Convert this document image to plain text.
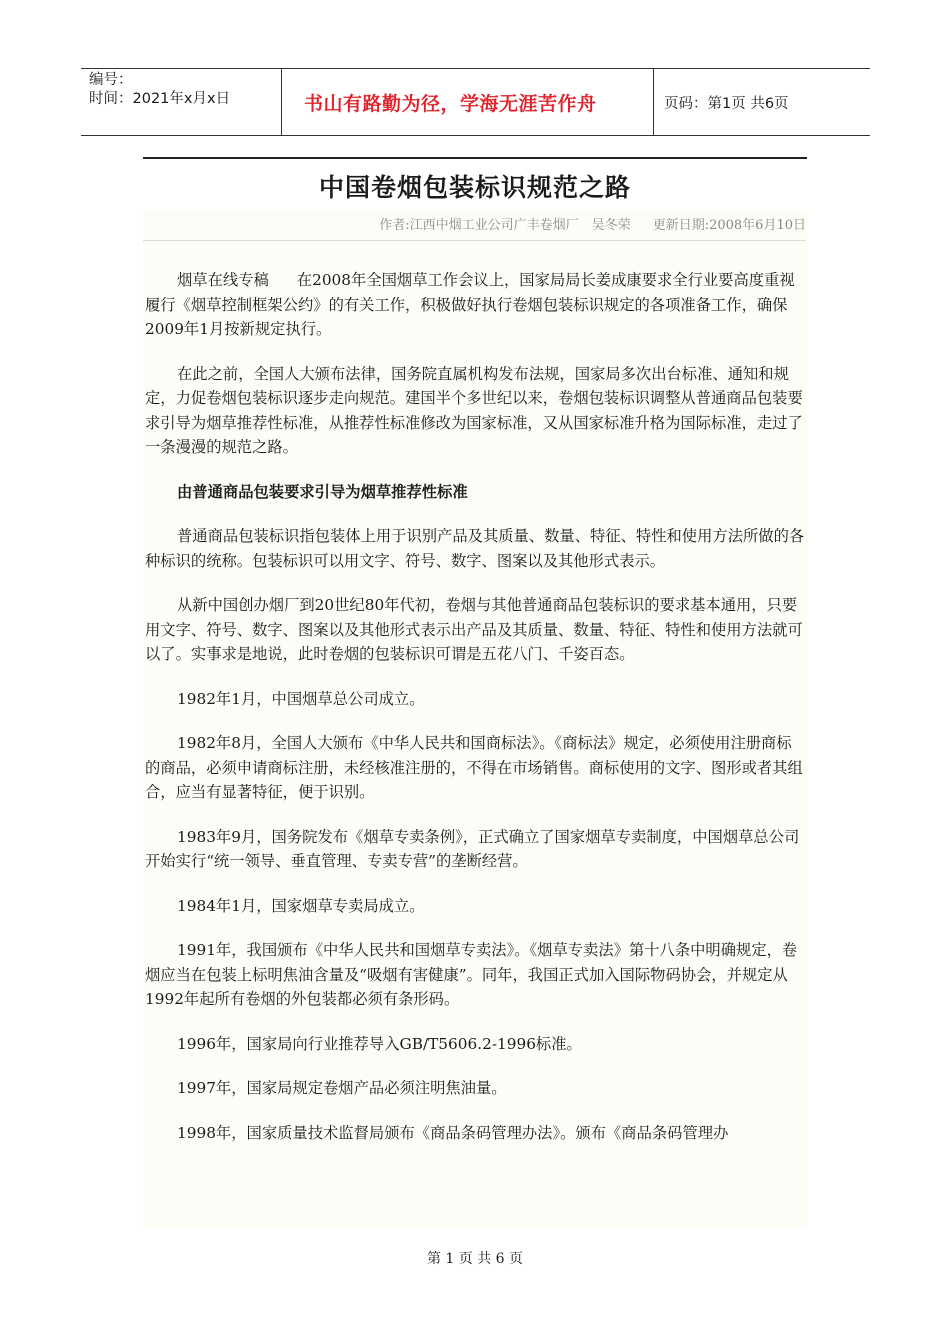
编号：
时间：2021年x月x日	书山有路勤为径，学海无涯苦作舟	页码：第1页 共6页
中国卷烟包装标识规范之路
作者:江西中烟工业公司广丰卷烟厂　吴冬荣 更新日期:2008年6月10日

烟草在线专稿 在2008年全国烟草工作会议上，国家局局长姜成康要求全行业要高度重视履行《烟草控制框架公约》的有关工作，积极做好执行卷烟包装标识规定的各项准备工作，确保2009年1月按新规定执行。

在此之前，全国人大颁布法律，国务院直属机构发布法规，国家局多次出台标准、通知和规定，力促卷烟包装标识逐步走向规范。建国半个多世纪以来，卷烟包装标识调整从普通商品包装要求引导为烟草推荐性标准，从推荐性标准修改为国家标准，又从国家标准升格为国际标准，走过了一条漫漫的规范之路。

由普通商品包装要求引导为烟草推荐性标准

普通商品包装标识指包装体上用于识别产品及其质量、数量、特征、特性和使用方法所做的各种标识的统称。包装标识可以用文字、符号、数字、图案以及其他形式表示。

从新中国创办烟厂到20世纪80年代初，卷烟与其他普通商品包装标识的要求基本通用，只要用文字、符号、数字、图案以及其他形式表示出产品及其质量、数量、特征、特性和使用方法就可以了。实事求是地说，此时卷烟的包装标识可谓是五花八门、千姿百态。

1982年1月，中国烟草总公司成立。

1982年8月，全国人大颁布《中华人民共和国商标法》。《商标法》规定，必须使用注册商标的商品，必须申请商标注册，未经核准注册的，不得在市场销售。商标使用的文字、图形或者其组合，应当有显著特征，便于识别。

1983年9月，国务院发布《烟草专卖条例》，正式确立了国家烟草专卖制度，中国烟草总公司开始实行“统一领导、垂直管理、专卖专营”的垄断经营。

1984年1月，国家烟草专卖局成立。

1991年，我国颁布《中华人民共和国烟草专卖法》。《烟草专卖法》第十八条中明确规定，卷烟应当在包装上标明焦油含量及“吸烟有害健康”。同年，我国正式加入国际物码协会，并规定从1992年起所有卷烟的外包装都必须有条形码。

1996年，国家局向行业推荐导入GB/T5606.2-1996标准。

1997年，国家局规定卷烟产品必须注明焦油量。

1998年，国家质量技术监督局颁布《商品条码管理办法》。颁布《商品条码管理办

第 1 页 共 6 页
